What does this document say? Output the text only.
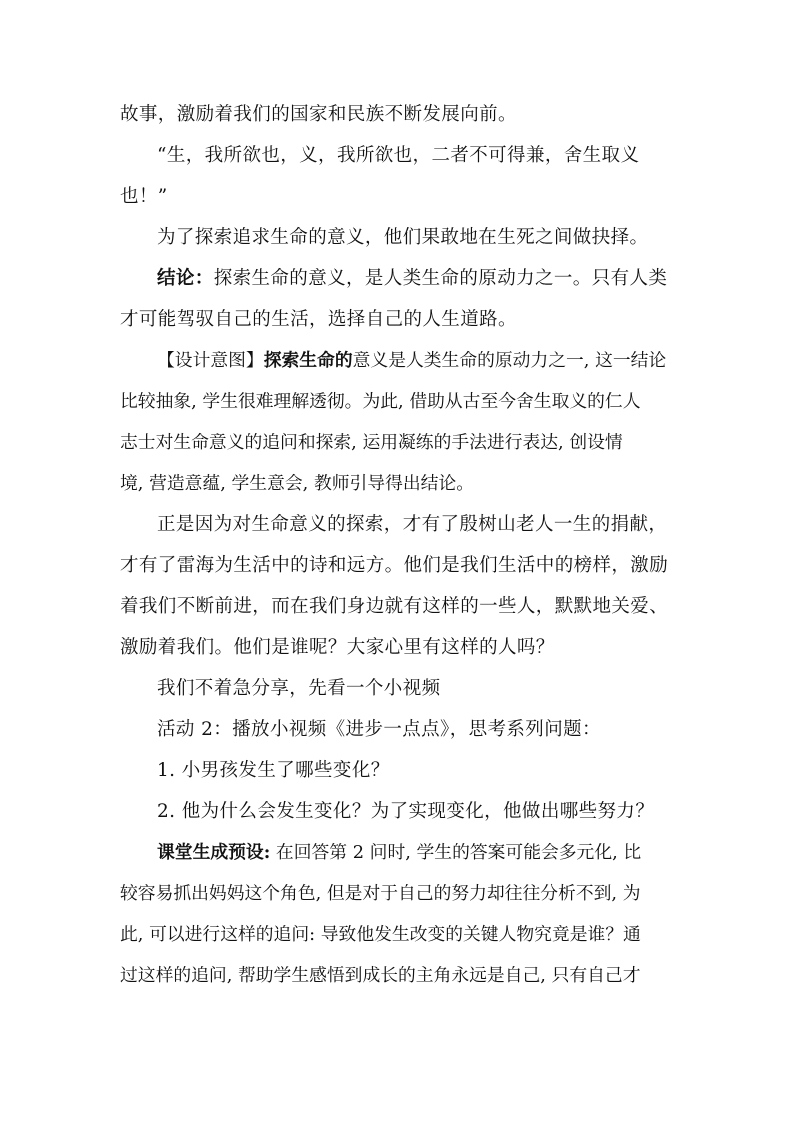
故事，激励着我们的国家和民族不断发展向前。

“生，我所欲也，义，我所欲也，二者不可得兼，舍生取义

也！”

为了探索追求生命的意义，他们果敢地在生死之间做抉择。

结论：探索生命的意义，是人类生命的原动力之一。只有人类

才可能驾驭自己的生活，选择自己的人生道路。

【设计意图】探索生命的意义是人类生命的原动力之一, 这一结论

比较抽象, 学生很难理解透彻。为此, 借助从古至今舍生取义的仁人

志士对生命意义的追问和探索, 运用凝练的手法进行表达, 创设情

境, 营造意蕴, 学生意会, 教师引导得出结论。

正是因为对生命意义的探索，才有了殷树山老人一生的捐献，

才有了雷海为生活中的诗和远方。他们是我们生活中的榜样，激励

着我们不断前进，而在我们身边就有这样的一些人，默默地关爱、

激励着我们。他们是谁呢？大家心里有这样的人吗？

我们不着急分享，先看一个小视频

活动 2：播放小视频《进步一点点》，思考系列问题：

1. 小男孩发生了哪些变化？

2. 他为什么会发生变化？为了实现变化，他做出哪些努力？

课堂生成预设: 在回答第 2 问时, 学生的答案可能会多元化, 比

较容易抓出妈妈这个角色, 但是对于自己的努力却往往分析不到, 为

此, 可以进行这样的追问: 导致他发生改变的关键人物究竟是谁？通

过这样的追问, 帮助学生感悟到成长的主角永远是自己, 只有自己才
